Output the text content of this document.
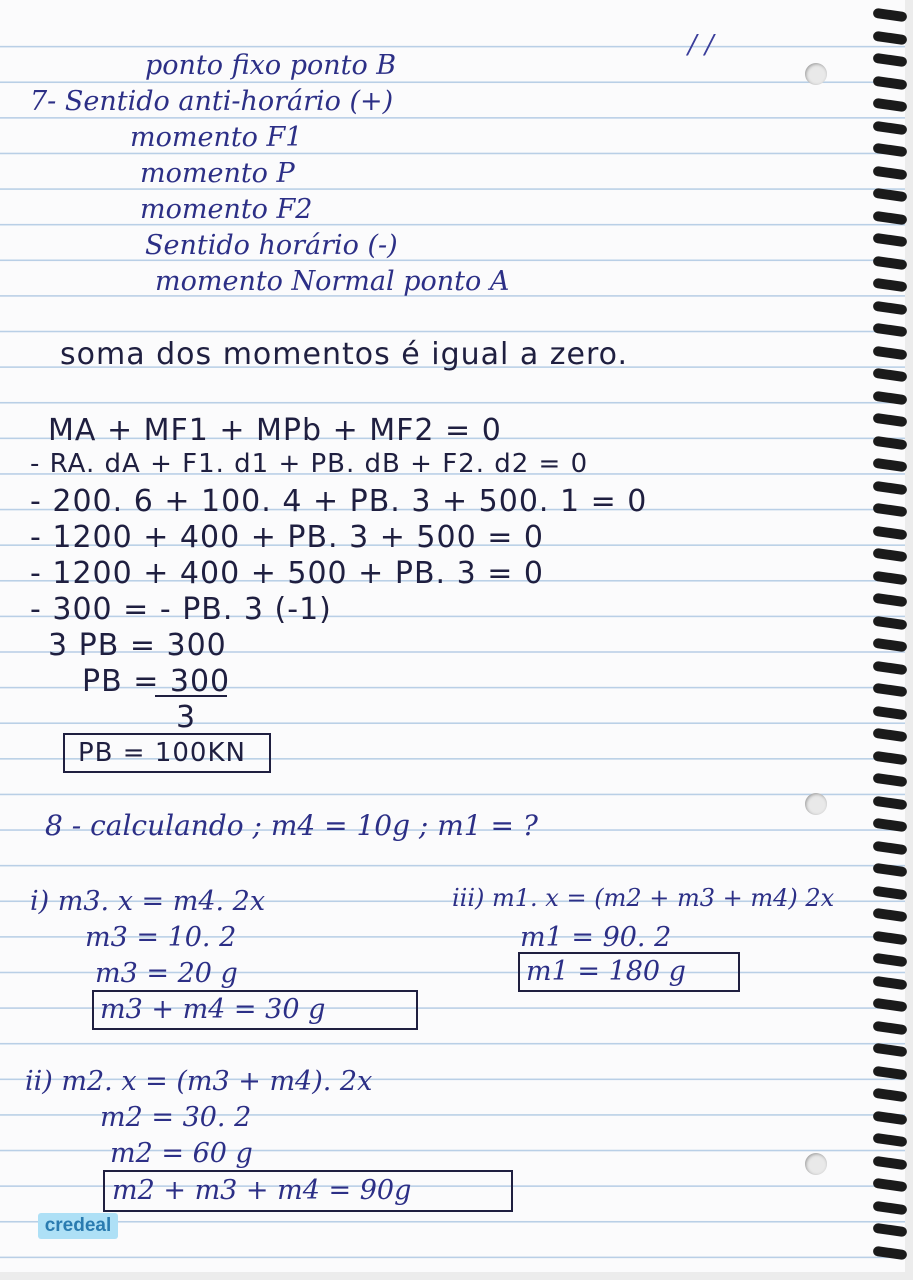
/ /
ponto fixo ponto B
7- Sentido anti-horário (+)
momento F1
momento P
momento F2
Sentido horário (-)
momento Normal ponto A
soma dos momentos é igual a zero.
MA + MF1 + MPb + MF2 = 0
- RA. dA + F1. d1 + PB. dB + F2. d2 = 0
- 200. 6 + 100. 4 + PB. 3 + 500. 1 = 0
- 1200 + 400 + PB. 3 + 500 = 0
- 1200 + 400 + 500 + PB. 3 = 0
- 300 = - PB. 3 (-1)
3 PB = 300
PB = 300
3
PB = 100KN
8 - calculando ; m4 = 10g ; m1 = ?
i) m3. x = m4. 2x
m3 = 10. 2
m3 = 20 g
m3 + m4 = 30 g
iii) m1. x = (m2 + m3 + m4) 2x
m1 = 90. 2
m1 = 180 g
ii) m2. x = (m3 + m4). 2x
m2 = 30. 2
m2 = 60 g
m2 + m3 + m4 = 90g
credeal
